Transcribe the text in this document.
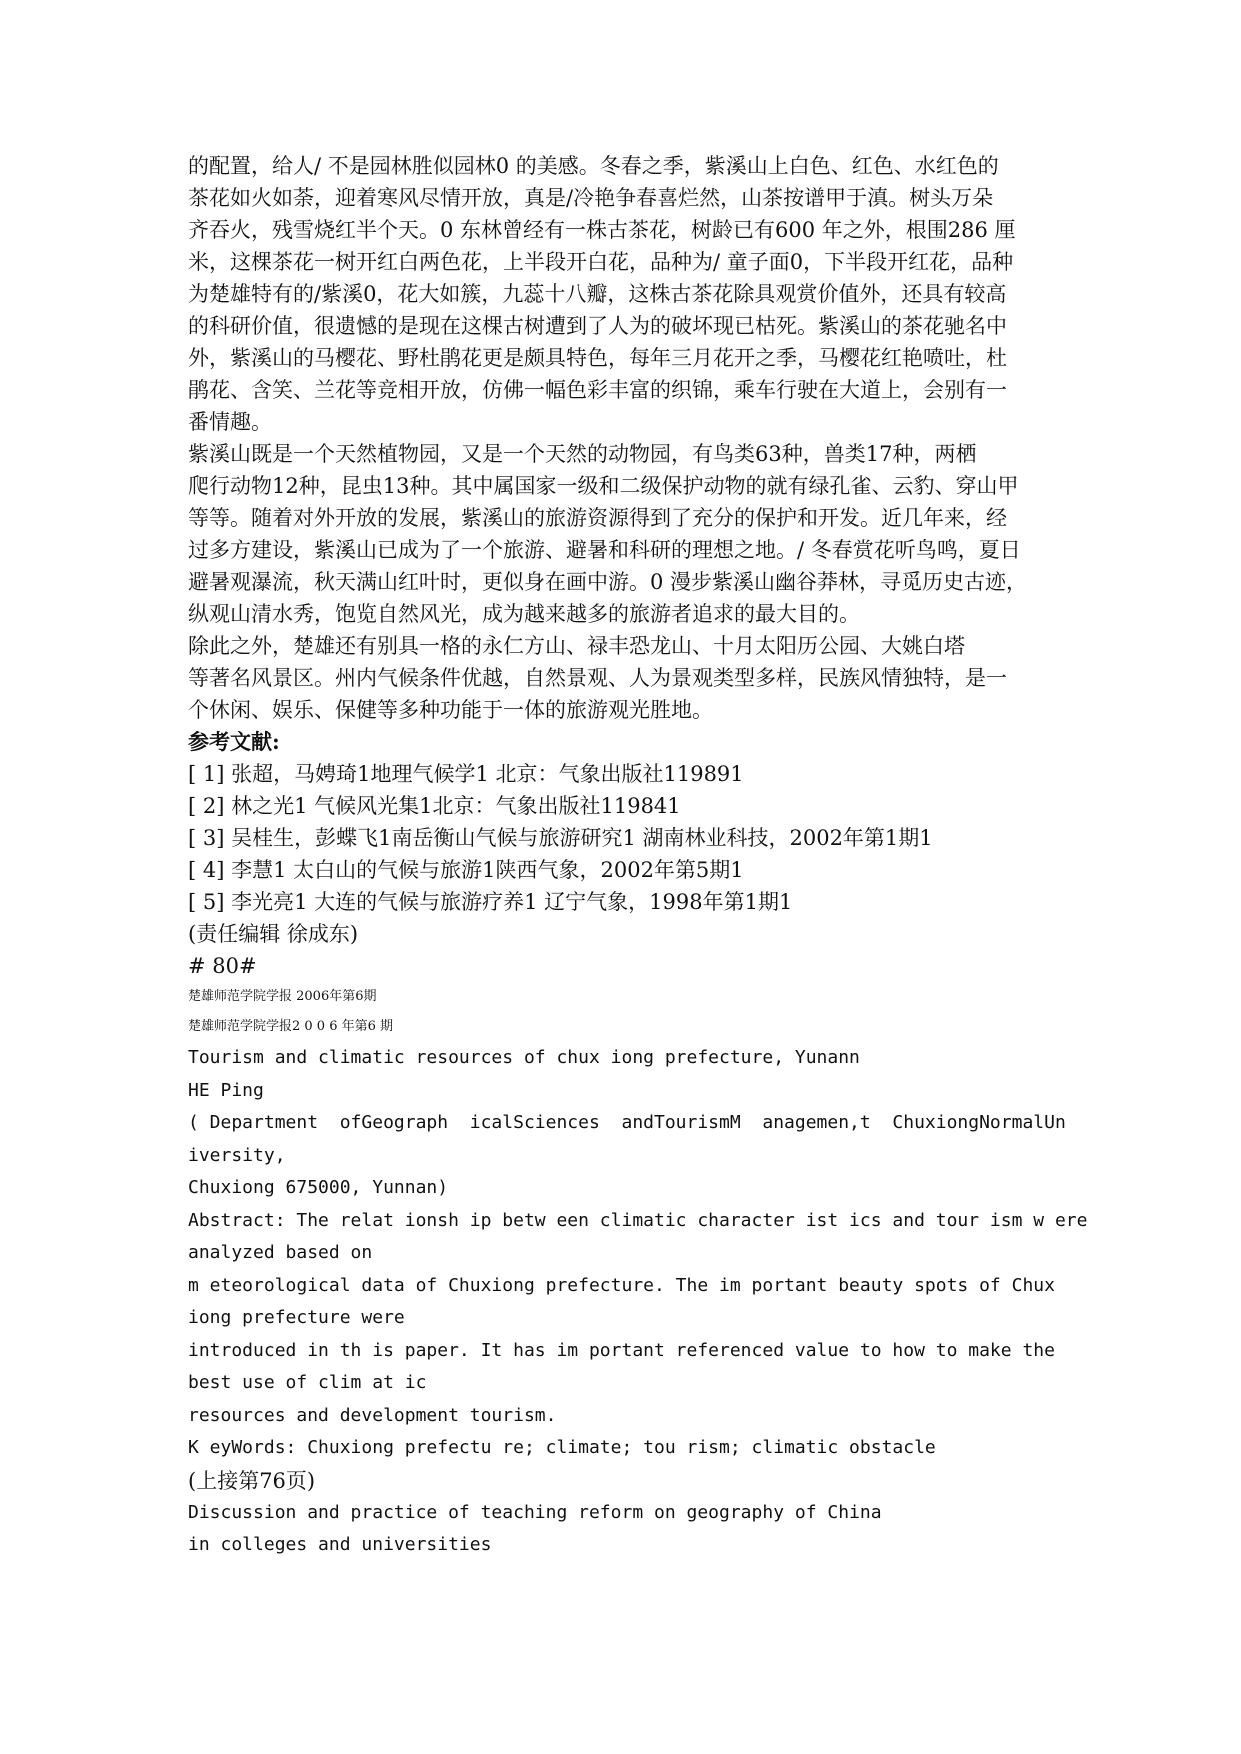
的配置，给人/ 不是园林胜似园林0 的美感。冬春之季，紫溪山上白色、红色、水红色的

茶花如火如荼，迎着寒风尽情开放，真是/冷艳争春喜烂然，山茶按谱甲于滇。树头万朵

齐吞火，残雪烧红半个天。0 东林曾经有一株古茶花，树龄已有600 年之外，根围286 厘

米，这棵茶花一树开红白两色花，上半段开白花，品种为/ 童子面0，下半段开红花，品种

为楚雄特有的/紫溪0，花大如簇，九蕊十八瓣，这株古茶花除具观赏价值外，还具有较高

的科研价值，很遗憾的是现在这棵古树遭到了人为的破坏现已枯死。紫溪山的茶花驰名中

外，紫溪山的马樱花、野杜鹃花更是颇具特色，每年三月花开之季，马樱花红艳喷吐，杜

鹃花、含笑、兰花等竞相开放，仿佛一幅色彩丰富的织锦，乘车行驶在大道上，会别有一

番情趣。

紫溪山既是一个天然植物园，又是一个天然的动物园，有鸟类63种，兽类17种，两栖

爬行动物12种，昆虫13种。其中属国家一级和二级保护动物的就有绿孔雀、云豹、穿山甲

等等。随着对外开放的发展，紫溪山的旅游资源得到了充分的保护和开发。近几年来，经

过多方建设，紫溪山已成为了一个旅游、避暑和科研的理想之地。/ 冬春赏花听鸟鸣，夏日

避暑观瀑流，秋天满山红叶时，更似身在画中游。0 漫步紫溪山幽谷莽林，寻觅历史古迹，

纵观山清水秀，饱览自然风光，成为越来越多的旅游者追求的最大目的。

除此之外，楚雄还有别具一格的永仁方山、禄丰恐龙山、十月太阳历公园、大姚白塔

等著名风景区。州内气候条件优越，自然景观、人为景观类型多样，民族风情独特，是一

个休闲、娱乐、保健等多种功能于一体的旅游观光胜地。

参考文献:

[ 1] 张超，马娉琦1地理气候学1 北京：气象出版社119891

[ 2] 林之光1 气候风光集1北京：气象出版社119841

[ 3] 吴桂生，彭蝶飞1南岳衡山气候与旅游研究1 湖南林业科技，2002年第1期1

[ 4] 李慧1 太白山的气候与旅游1陕西气象，2002年第5期1

[ 5] 李光亮1 大连的气候与旅游疗养1 辽宁气象，1998年第1期1

(责任编辑 徐成东)

# 80#

楚雄师范学院学报 2006年第6期

楚雄师范学院学报2 0 0 6 年第6 期

Tourism and climatic resources of chux iong prefecture, Yunann

HE Ping

( Department  ofGeograph  icalSciences  andTourismM  anagemen,t  ChuxiongNormalUn

iversity,

Chuxiong 675000, Yunnan)

Abstract: The relat ionsh ip betw een climatic character ist ics and tour ism w ere

analyzed based on

m eteorological data of Chuxiong prefecture. The im portant beauty spots of Chux

iong prefecture were

introduced in th is paper. It has im portant referenced value to how to make the

best use of clim at ic

resources and development tourism.

K eyWords: Chuxiong prefectu re; climate; tou rism; climatic obstacle

(上接第76页)

Discussion and practice of teaching reform on geography of China

in colleges and universities
